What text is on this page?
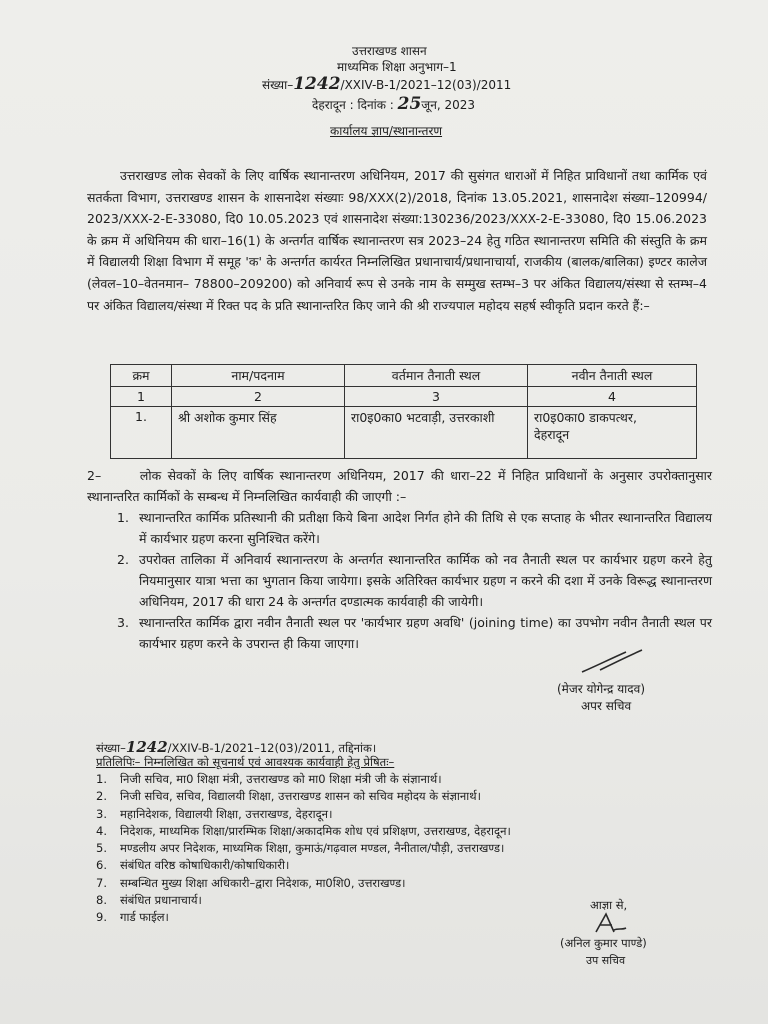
उत्तराखण्ड शासन
माध्यमिक शिक्षा अनुभाग–1
संख्या–1242/XXIV-B-1/2021–12(03)/2011
देहरादून : दिनांक : 25जून, 2023
कार्यालय ज्ञाप/स्थानान्तरण

उत्तराखण्ड लोक सेवकों के लिए वार्षिक स्थानान्तरण अधिनियम, 2017 की सुसंगत धाराओं में निहित प्राविधानों तथा कार्मिक एवं सतर्कता विभाग, उत्तराखण्ड शासन के शासनादेश संख्याः 98/XXX(2)/2018, दिनांक 13.05.2021, शासनादेश संख्या–120994/ 2023/XXX-2-E-33080, दि0 10.05.2023 एवं शासनादेश संख्या:130236/2023/XXX-2-E-33080, दि0 15.06.2023 के क्रम में अधिनियम की धारा–16(1) के अन्तर्गत वार्षिक स्थानान्तरण सत्र 2023–24 हेतु गठित स्थानान्तरण समिति की संस्तुति के क्रम में विद्यालयी शिक्षा विभाग में समूह 'क' के अन्तर्गत कार्यरत निम्नलिखित प्रधानाचार्य/प्रधानाचार्या, राजकीय (बालक/बालिका) इण्टर कालेज (लेवल–10–वेतनमान– 78800–209200) को अनिवार्य रूप से उनके नाम के सम्मुख स्तम्भ–3 पर अंकित विद्यालय/संस्था से स्तम्भ–4 पर अंकित विद्यालय/संस्था में रिक्त पद के प्रति स्थानान्तरित किए जाने की श्री राज्यपाल महोदय सहर्ष स्वीकृति प्रदान करते हैं:–

क्रम	नाम/पदनाम	वर्तमान तैनाती स्थल	नवीन तैनाती स्थल
1	2	3	4
1.	श्री अशोक कुमार सिंह	रा0इ0का0 भटवाड़ी, उत्तरकाशी	रा0इ0का0 डाकपत्थर,
देहरादून
2–	लोक सेवकों के लिए वार्षिक स्थानान्तरण अधिनियम, 2017 की धारा–22 में निहित प्राविधानों के अनुसार उपरोक्तानुसार स्थानान्तरित कार्मिकों के सम्बन्ध में निम्नलिखित कार्यवाही की जाएगी :–
1. स्थानान्तरित कार्मिक प्रतिस्थानी की प्रतीक्षा किये बिना आदेश निर्गत होने की तिथि से एक सप्ताह के भीतर स्थानान्तरित विद्यालय में कार्यभार ग्रहण करना सुनिश्चित करेंगे।
2. उपरोक्त तालिका में अनिवार्य स्थानान्तरण के अन्तर्गत स्थानान्तरित कार्मिक को नव तैनाती स्थल पर कार्यभार ग्रहण करने हेतु नियमानुसार यात्रा भत्ता का भुगतान किया जायेगा। इसके अतिरिक्त कार्यभार ग्रहण न करने की दशा में उनके विरूद्ध स्थानान्तरण अधिनियम, 2017 की धारा 24 के अन्तर्गत दण्डात्मक कार्यवाही की जायेगी।
3. स्थानान्तरित कार्मिक द्वारा नवीन तैनाती स्थल पर 'कार्यभार ग्रहण अवधि' (joining time) का उपभोग नवीन तैनाती स्थल पर कार्यभार ग्रहण करने के उपरान्त ही किया जाएगा।
(मेजर योगेन्द्र यादव)
अपर सचिव
संख्या–1242/XXIV-B-1/2021–12(03)/2011, तद्दिनांक।
प्रतिलिपिः– निम्नलिखित को सूचनार्थ एवं आवश्यक कार्यवाही हेतु प्रेषितः–
1. निजी सचिव, मा0 शिक्षा मंत्री, उत्तराखण्ड को मा0 शिक्षा मंत्री जी के संज्ञानार्थ।
2. निजी सचिव, सचिव, विद्यालयी शिक्षा, उत्तराखण्ड शासन को सचिव महोदय के संज्ञानार्थ।
3. महानिदेशक, विद्यालयी शिक्षा, उत्तराखण्ड, देहरादून।
4. निदेशक, माध्यमिक शिक्षा/प्रारम्भिक शिक्षा/अकादमिक शोध एवं प्रशिक्षण, उत्तराखण्ड, देहरादून।
5. मण्डलीय अपर निदेशक, माध्यमिक शिक्षा, कुमाऊं/गढ़वाल मण्डल, नैनीताल/पौड़ी, उत्तराखण्ड।
6. संबंधित वरिष्ठ कोषाधिकारी/कोषाधिकारी।
7. सम्बन्धित मुख्य शिक्षा अधिकारी–द्वारा निदेशक, मा0शि0, उत्तराखण्ड।
8. संबंधित प्रधानाचार्य।
9. गार्ड फाईल।
आज्ञा से,
(अनिल कुमार पाण्डे)
उप सचिव
